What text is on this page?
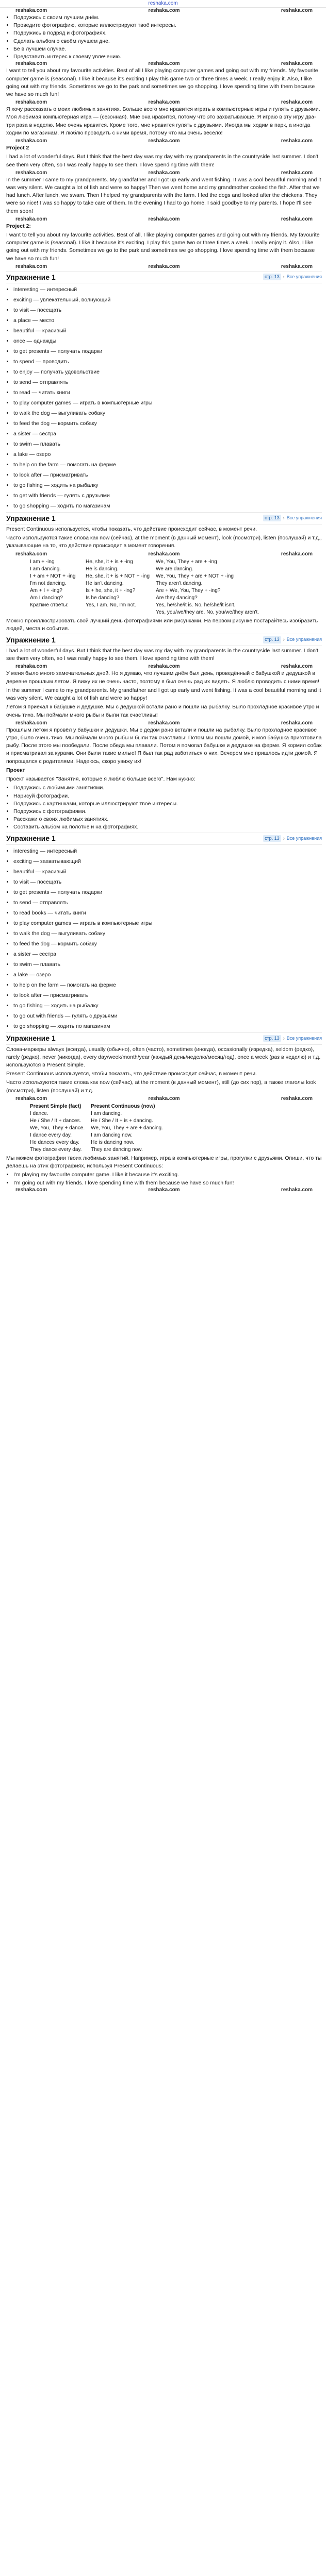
reshaka.com
reshaka.com	reshaka.com	reshaka.com
• Подружись с своим лучшим днём.
• Проведите фотографию, которые иллюстрируют твоё интересы.
• Подружись в подряд и фотографиях.
• Сделать альбом о своём лучшем дне.
• Бе в лучшем случае.
• Представить интерес к своему увлечению.
reshaka.com	reshaka.com	reshaka.com

I want to tell you about my favourite activities. Best of all I like playing computer games and going out with my friends. My favourite computer game is (seasonal). I like it because it's exciting I play this game two or three times a week. I really enjoy it. Also, I like going out with my friends. Sometimes we go to the park and sometimes we go shopping. I love spending time with them because we have so much fun!

reshaka.com	reshaka.com	reshaka.com

Я хочу рассказать о моих любимых занятиях. Больше всего мне нравится играть в компьютерные игры и гулять с друзьями. Моя любимая компьютерная игра — (сезонная). Мне она нравится, потому что это захватывающе. Я играю в эту игру два-три раза в неделю. Мне очень нравится. Кроме того, мне нравится гулять с друзьями. Иногда мы ходим в парк, а иногда ходим по магазинам. Я люблю проводить с ними время, потому что мы очень весело!

reshaka.com	reshaka.com	reshaka.com

Project 2

I had a lot of wonderful days. But I think that the best day was my day with my grandparents in the countryside last summer. I don't see them very often, so I was really happy to see them. I love spending time with them!

reshaka.com	reshaka.com	reshaka.com

In the summer I came to my grandparents. My grandfather and I got up early and went fishing. It was a cool beautiful morning and it was very silent. We caught a lot of fish and were so happy! Then we went home and my grandmother cooked the fish. After that we had lunch. After lunch, we swam. Then I helped my grandparents with the farm. I fed the dogs and looked after the chickens. They were so nice! I was so happy to take care of them. In the evening I had to go home. I said goodbye to my parents. I hope I'll see them soon!

reshaka.com	reshaka.com	reshaka.com

Project 2:

I want to tell you about my favourite activities. Best of all, I like playing computer games and going out with my friends. My favourite computer game is (seasonal). I like it because it's exciting. I play this game two or three times a week. I really enjoy it. Also, I like going out with my friends. Sometimes we go to the park and sometimes we go shopping. I love spending time with them because we have so much fun!

reshaka.com	reshaka.com	reshaka.com
Упражнение 1	стр. 13 › Все упражнения
• interesting — интересный
• exciting — увлекательный, волнующий
• to visit — посещать
• a place — место
• beautiful — красивый
• once — однажды
• to get presents — получать подарки
• to spend — проводить
• to enjoy — получать удовольствие
• to send — отправлять
• to read — читать книги
• to play computer games — играть в компьютерные игры
• to walk the dog — выгуливать собаку
• to feed the dog — кормить собаку
• a sister — сестра
• to swim — плавать
• a lake — озеро
• to help on the farm — помогать на ферме
• to look after — присматривать
• to go fishing — ходить на рыбалку
• to get with friends — гулять с друзьями
• to go shopping — ходить по магазинам
Упражнение 1	стр. 13 › Все упражнения

Present Continuous используется, чтобы показать, что действие происходит сейчас, в момент речи.

Часто используются такие слова как now (сейчас), at the moment (в данный момент), look (посмотри), listen (послушай) и т.д., указывающие на то, что действие происходит в момент говорения.

reshaka.com	reshaka.com	reshaka.com
I am + -ing	He, she, it + is + -ing	We, You, They + are + -ing
I am dancing.	He is dancing.	We are dancing.
I + am + NOT + -ing	He, she, it + is + NOT + -ing	We, You, They + are + NOT + -ing
I'm not dancing.	He isn't dancing.	They aren't dancing.
Am + I + -ing?	Is + he, she, it + -ing?	Are + We, You, They + -ing?
Am I dancing?	Is he dancing?	Are they dancing?
Краткие ответы:	Yes, I am. No, I'm not.	Yes, he/she/it is. No, he/she/it isn't.
		Yes, you/we/they are. No, you/we/they aren't.

Можно проиллюстрировать свой лучший день фотографиями или рисунками. На первом рисунке постарайтесь изобразить людей, места и события.

Упражнение 1	стр. 13 › Все упражнения

I had a lot of wonderful days. But I think that the best day was my day with my grandparents in the countryside last summer. I don't see them very often, so I was really happy to see them. I love spending time with them!

reshaka.com	reshaka.com	reshaka.com

У меня было много замечательных дней. Но я думаю, что лучшим днём был день, проведённый с бабушкой и дедушкой в деревне прошлым летом. Я вижу их не очень часто, поэтому я был очень рад их видеть. Я люблю проводить с ними время!

In the summer I came to my grandparents. My grandfather and I got up early and went fishing. It was a cool beautiful morning and it was very silent. We caught a lot of fish and were so happy!

Летом я приехал к бабушке и дедушке. Мы с дедушкой встали рано и пошли на рыбалку. Было прохладное красивое утро и очень тихо. Мы поймали много рыбы и были так счастливы!

reshaka.com	reshaka.com	reshaka.com

Прошлым летом я провёл у бабушки и дедушки. Мы с дедом рано встали и пошли на рыбалку. Было прохладное красивое утро, было очень тихо. Мы поймали много рыбы и были так счастливы! Потом мы пошли домой, и моя бабушка приготовила рыбу. После этого мы пообедали. После обеда мы плавали. Потом я помогал бабушке и дедушке на ферме. Я кормил собак и присматривал за курами. Они были такие милые! Я был так рад заботиться о них. Вечером мне пришлось идти домой. Я попрощался с родителями. Надеюсь, скоро увижу их!

Проект

Проект называется "Занятия, которые я люблю больше всего". Нам нужно:

• Подружись с любимыми занятиями.
• Нарисуй фотографии.
• Подружись с картинками, которые иллюстрируют твоё интересы.
• Подружись с фотографиями.
• Расскажи о своих любимых занятиях.
• Составить альбом на полотне и на фотографиях.
Упражнение 1	стр. 13 › Все упражнения
• interesting — интересный
• exciting — захватывающий
• beautiful — красивый
• to visit — посещать
• to get presents — получать подарки
• to send — отправлять
• to read books — читать книги
• to play computer games — играть в компьютерные игры
• to walk the dog — выгуливать собаку
• to feed the dog — кормить собаку
• a sister — сестра
• to swim — плавать
• a lake — озеро
• to help on the farm — помогать на ферме
• to look after — присматривать
• to go fishing — ходить на рыбалку
• to go out with friends — гулять с друзьями
• to go shopping — ходить по магазинам
Упражнение 1	стр. 13 › Все упражнения

Слова-маркеры always (всегда), usually (обычно), often (часто), sometimes (иногда), occasionally (изредка), seldom (редко), rarely (редко), never (никогда), every day/week/month/year (каждый день/неделю/месяц/год), once a week (раз в неделю) и т.д. используются в Present Simple.

Present Continuous используется, чтобы показать, что действие происходит сейчас, в момент речи.

Часто используются такие слова как now (сейчас), at the moment (в данный момент), still (до сих пор), а также глаголы look (посмотри), listen (послушай) и т.д.

reshaka.com	reshaka.com	reshaka.com
Present Simple (fact)	Present Continuous (now)
I dance.	I am dancing.
He / She / It + dances.	He / She / It + is + dancing.
We, You, They + dance.	We, You, They + are + dancing.
I dance every day.	I am dancing now.
He dances every day.	He is dancing now.
They dance every day.	They are dancing now.

Мы можем фотографии твоих любимых занятий. Например, игра в компьютерные игры, прогулки с друзьями. Опиши, что ты делаешь на этих фотографиях, используя Present Continuous:

• I'm playing my favourite computer game. I like it because it's exciting.
• I'm going out with my friends. I love spending time with them because we have so much fun!
reshaka.com	reshaka.com	reshaka.com
